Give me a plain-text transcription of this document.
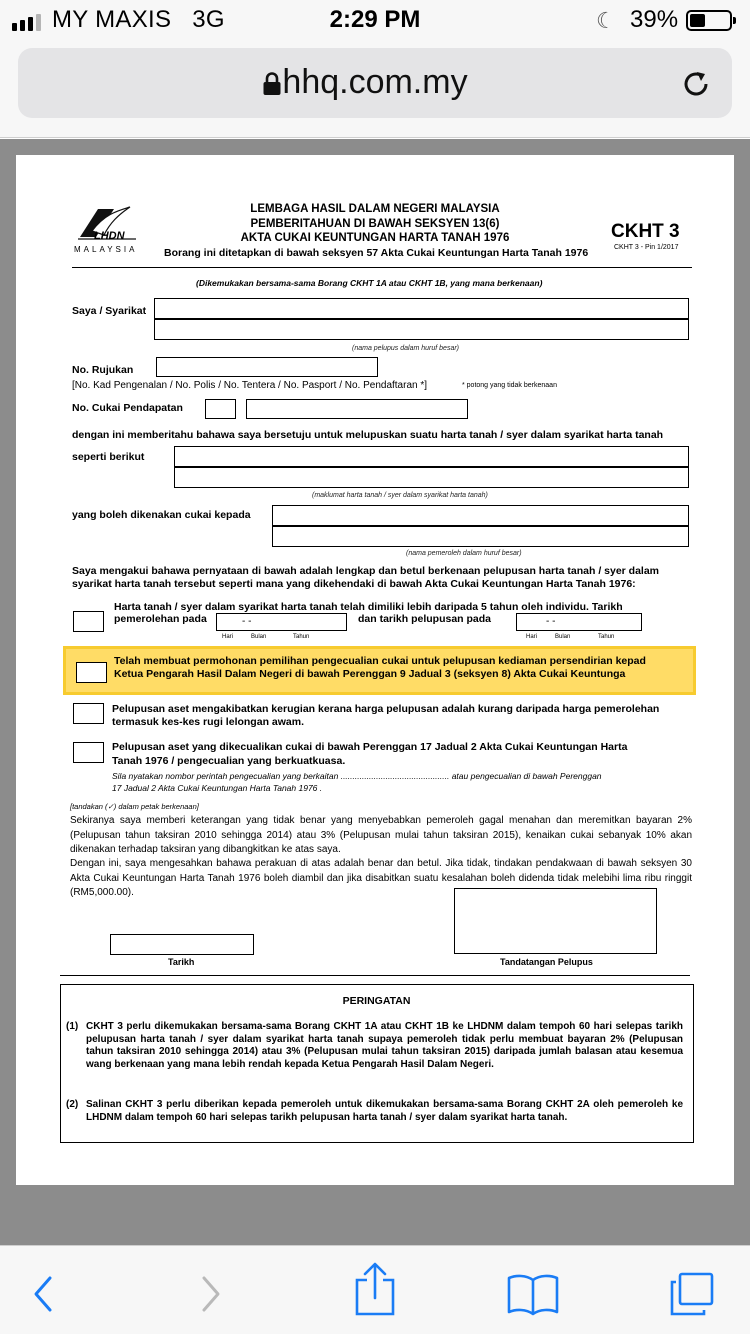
MY MAXIS 3G	2:29 PM	☾ 39%
hhq.com.my
LHDN
MALAYSIA
LEMBAGA HASIL DALAM NEGERI MALAYSIA
PEMBERITAHUAN DI BAWAH SEKSYEN 13(6)
AKTA CUKAI KEUNTUNGAN HARTA TANAH 1976
Borang ini ditetapkan di bawah seksyen 57 Akta Cukai Keuntungan Harta Tanah 1976
CKHT 3
CKHT 3 - Pin 1/2017
(Dikemukakan bersama-sama Borang CKHT 1A atau CKHT 1B, yang mana berkenaan)
Saya / Syarikat
(nama pelupus dalam huruf besar)
No. Rujukan
[No. Kad Pengenalan / No. Polis / No. Tentera / No. Pasport / No. Pendaftaran *]	* potong yang tidak berkenaan
No. Cukai Pendapatan
dengan ini memberitahu bahawa saya bersetuju untuk melupuskan suatu harta tanah / syer dalam syarikat harta tanah
seperti berikut
(maklumat harta tanah / syer dalam syarikat harta tanah)
yang boleh dikenakan cukai kepada
(nama pemeroleh dalam huruf besar)
Saya mengakui bahawa pernyataan di bawah adalah lengkap dan betul berkenaan pelupusan harta tanah / syer dalam
syarikat harta tanah tersebut seperti mana yang dikehendaki di bawah Akta Cukai Keuntungan Harta Tanah 1976:
Harta tanah / syer dalam syarikat harta tanah telah dimiliki lebih daripada 5 tahun oleh individu. Tarikh
pemerolehan pada	- -
Hari	Bulan	Tahun
dan tarikh pelupusan pada	- -
Hari	Bulan	Tahun
Telah membuat permohonan pemilihan pengecualian cukai untuk pelupusan kediaman persendirian kepad
Ketua Pengarah Hasil Dalam Negeri di bawah Perenggan 9 Jadual 3 (seksyen 8) Akta Cukai Keuntunga
Pelupusan aset mengakibatkan kerugian kerana harga pelupusan adalah kurang daripada harga pemerolehan
termasuk kes-kes rugi lelongan awam.
Pelupusan aset yang dikecualikan cukai di bawah Perenggan 17 Jadual 2 Akta Cukai Keuntungan Harta
Tanah 1976 / pengecualian yang berkuatkuasa.
Sila nyatakan nombor perintah pengecualian yang berkaitan .............................................. atau pengecualian di bawah Perenggan
17 Jadual 2 Akta Cukai Keuntungan Harta Tanah 1976 .
[tandakan (✓) dalam petak berkenaan]
Sekiranya saya memberi keterangan yang tidak benar yang menyebabkan pemeroleh gagal menahan dan meremitkan bayaran 2% (Pelupusan tahun taksiran 2010 sehingga 2014) atau 3% (Pelupusan mulai tahun taksiran 2015), kenaikan cukai sebanyak 10% akan dikenakan terhadap taksiran yang dibangkitkan ke atas saya.
Dengan ini, saya mengesahkan bahawa perakuan di atas adalah benar dan betul. Jika tidak, tindakan pendakwaan di bawah seksyen 30 Akta Cukai Keuntungan Harta Tanah 1976 boleh diambil dan jika disabitkan suatu kesalahan boleh didenda tidak melebihi lima ribu ringgit (RM5,000.00).
Tarikh	Tandatangan Pelupus
PERINGATAN
(1) CKHT 3 perlu dikemukakan bersama-sama Borang CKHT 1A atau CKHT 1B ke LHDNM dalam tempoh 60 hari selepas tarikh pelupusan harta tanah / syer dalam syarikat harta tanah supaya pemeroleh tidak perlu membuat bayaran 2% (Pelupusan tahun taksiran 2010 sehingga 2014) atau 3% (Pelupusan mulai tahun taksiran 2015) daripada jumlah balasan atau kesemua wang berkenaan yang mana lebih rendah kepada Ketua Pengarah Hasil Dalam Negeri.
(2) Salinan CKHT 3 perlu diberikan kepada pemeroleh untuk dikemukakan bersama-sama Borang CKHT 2A oleh pemeroleh ke LHDNM dalam tempoh 60 hari selepas tarikh pelupusan harta tanah / syer dalam syarikat harta tanah.
